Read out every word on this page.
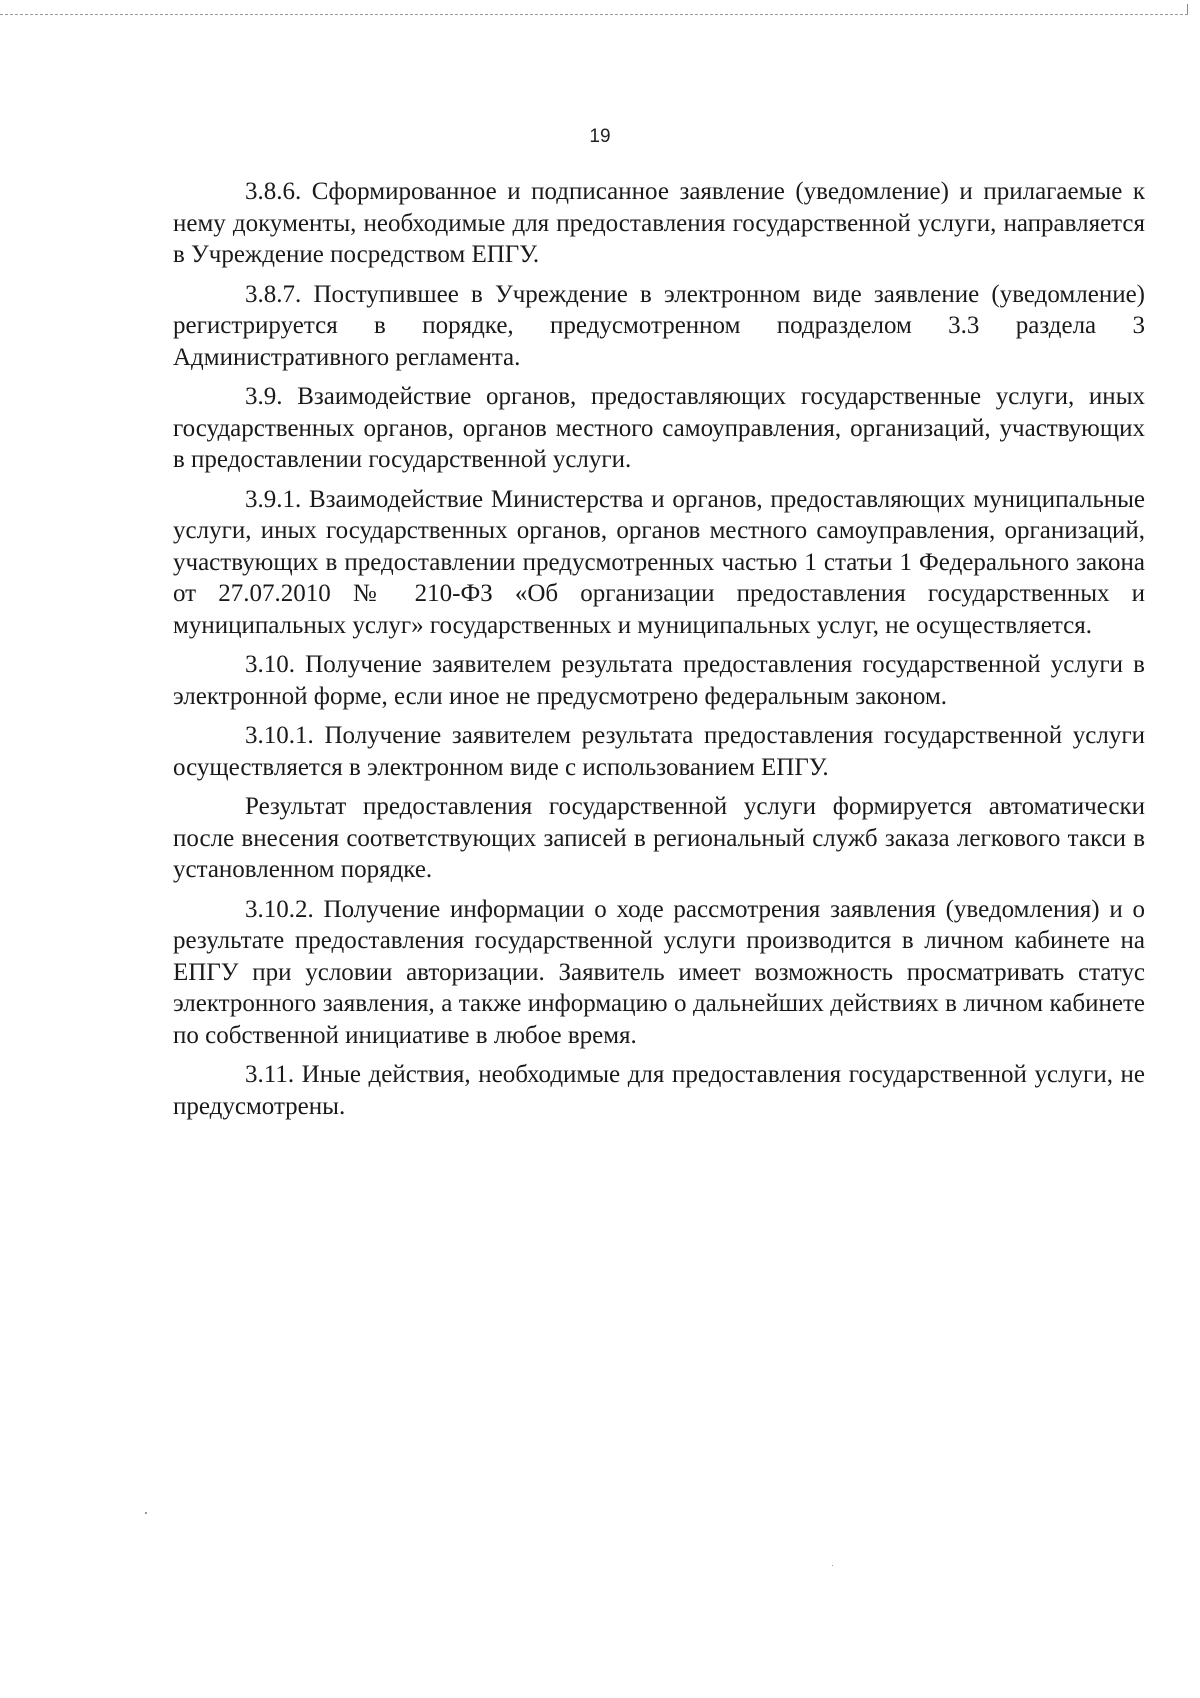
19

3.8.6. Сформированное и подписанное заявление (уведомление) и прилагаемые к нему документы, необходимые для предоставления государственной услуги, направляется в Учреждение посредством ЕПГУ.

3.8.7. Поступившее в Учреждение в электронном виде заявление (уведомление) регистрируется в порядке, предусмотренном подразделом 3.3 раздела 3 Административного регламента.

3.9. Взаимодействие органов, предоставляющих государственные услуги, иных государственных органов, органов местного самоуправления, организаций, участвующих в предоставлении государственной услуги.

3.9.1. Взаимодействие Министерства и органов, предоставляющих муниципальные услуги, иных государственных органов, органов местного самоуправления, организаций, участвующих в предоставлении предусмотренных частью 1 статьи 1 Федерального закона от 27.07.2010 № 210-ФЗ «Об организации предоставления государственных и муниципальных услуг» государственных и муниципальных услуг, не осуществляется.

3.10. Получение заявителем результата предоставления государственной услуги в электронной форме, если иное не предусмотрено федеральным законом.

3.10.1. Получение заявителем результата предоставления государственной услуги осуществляется в электронном виде с использованием ЕПГУ.

Результат предоставления государственной услуги формируется автоматически после внесения соответствующих записей в региональный служб заказа легкового такси в установленном порядке.

3.10.2. Получение информации о ходе рассмотрения заявления (уведомления) и о результате предоставления государственной услуги производится в личном кабинете на ЕПГУ при условии авторизации. Заявитель имеет возможность просматривать статус электронного заявления, а также информацию о дальнейших действиях в личном кабинете по собственной инициативе в любое время.

3.11. Иные действия, необходимые для предоставления государственной услуги, не предусмотрены.
